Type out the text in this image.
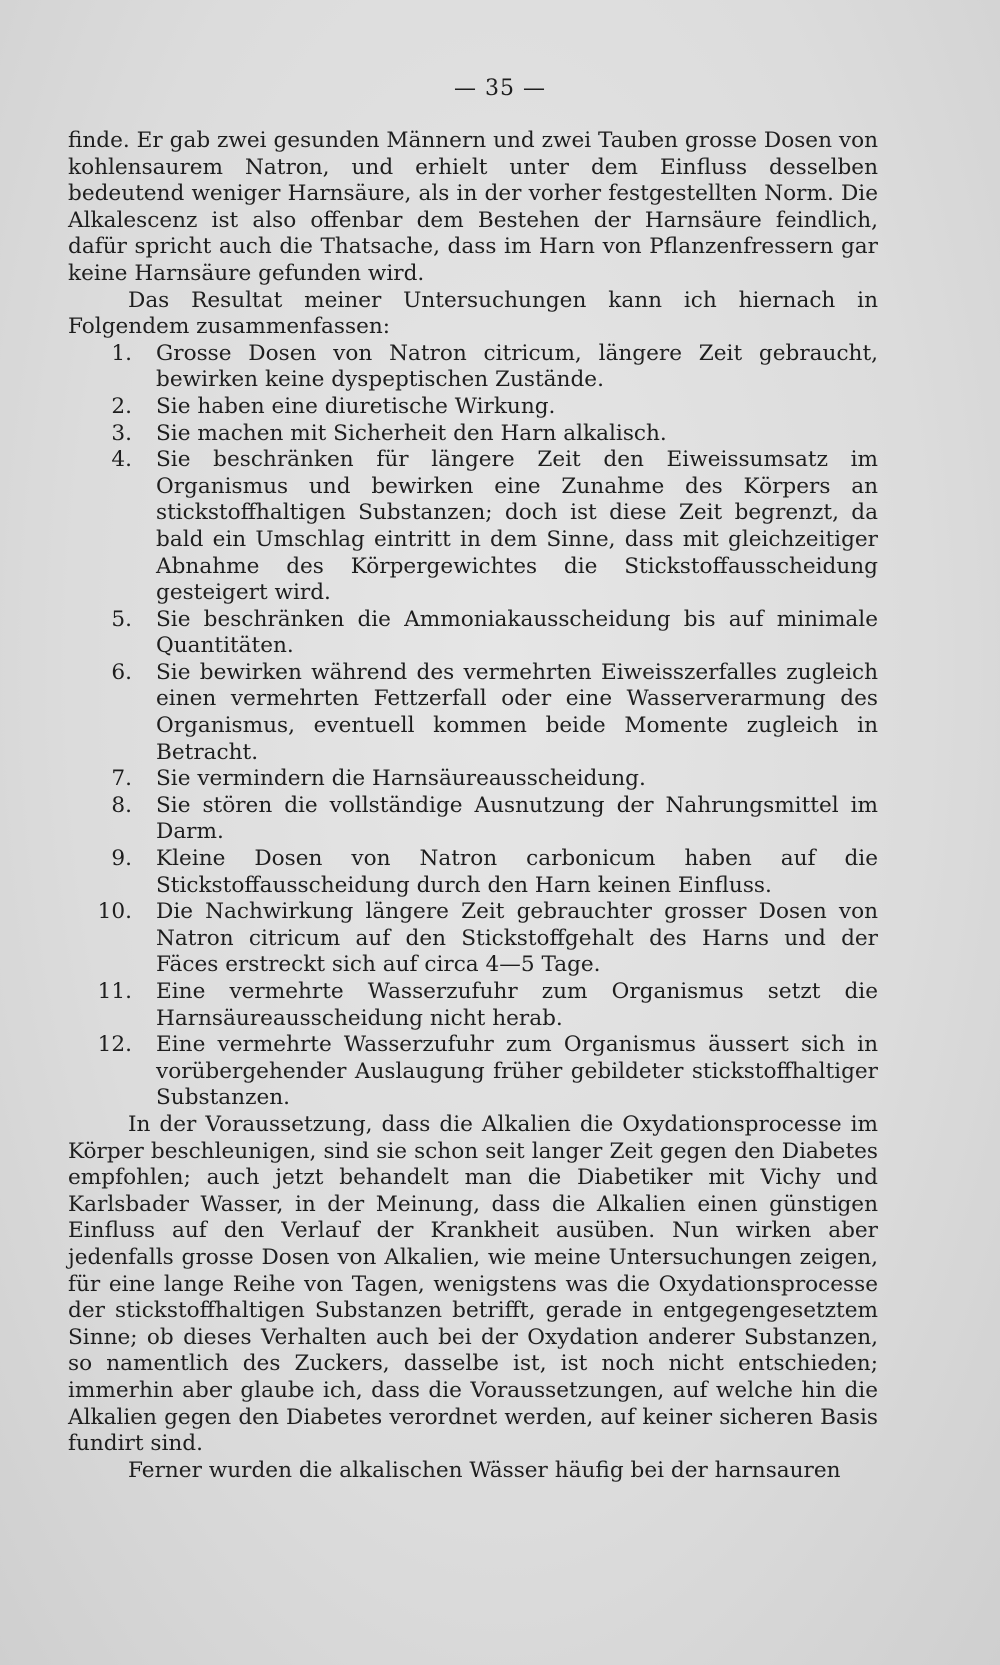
— 35 —

finde. Er gab zwei gesunden Männern und zwei Tauben grosse Dosen von kohlensaurem Natron, und erhielt unter dem Einfluss desselben bedeutend weniger Harnsäure, als in der vorher festgestellten Norm. Die Alkalescenz ist also offenbar dem Bestehen der Harnsäure feindlich, dafür spricht auch die Thatsache, dass im Harn von Pflanzenfressern gar keine Harnsäure gefunden wird.

Das Resultat meiner Untersuchungen kann ich hiernach in Folgendem zusammenfassen:

1. Grosse Dosen von Natron citricum, längere Zeit gebraucht, bewirken keine dyspeptischen Zustände.
2. Sie haben eine diuretische Wirkung.
3. Sie machen mit Sicherheit den Harn alkalisch.
4. Sie beschränken für längere Zeit den Eiweissumsatz im Organismus und bewirken eine Zunahme des Körpers an stickstoffhaltigen Substanzen; doch ist diese Zeit begrenzt, da bald ein Umschlag eintritt in dem Sinne, dass mit gleichzeitiger Abnahme des Körpergewichtes die Stickstoffausscheidung gesteigert wird.
5. Sie beschränken die Ammoniakausscheidung bis auf minimale Quantitäten.
6. Sie bewirken während des vermehrten Eiweisszerfalles zugleich einen vermehrten Fettzerfall oder eine Wasserverarmung des Organismus, eventuell kommen beide Momente zugleich in Betracht.
7. Sie vermindern die Harnsäureausscheidung.
8. Sie stören die vollständige Ausnutzung der Nahrungsmittel im Darm.
9. Kleine Dosen von Natron carbonicum haben auf die Stickstoffausscheidung durch den Harn keinen Einfluss.
10. Die Nachwirkung längere Zeit gebrauchter grosser Dosen von Natron citricum auf den Stickstoffgehalt des Harns und der Fäces erstreckt sich auf circa 4—5 Tage.
11. Eine vermehrte Wasserzufuhr zum Organismus setzt die Harnsäureausscheidung nicht herab.
12. Eine vermehrte Wasserzufuhr zum Organismus äussert sich in vorübergehender Auslaugung früher gebildeter stickstoffhaltiger Substanzen.

In der Voraussetzung, dass die Alkalien die Oxydationsprocesse im Körper beschleunigen, sind sie schon seit langer Zeit gegen den Diabetes empfohlen; auch jetzt behandelt man die Diabetiker mit Vichy und Karlsbader Wasser, in der Meinung, dass die Alkalien einen günstigen Einfluss auf den Verlauf der Krankheit ausüben. Nun wirken aber jedenfalls grosse Dosen von Alkalien, wie meine Untersuchungen zeigen, für eine lange Reihe von Tagen, wenigstens was die Oxydationsprocesse der stickstoffhaltigen Substanzen betrifft, gerade in entgegengesetztem Sinne; ob dieses Verhalten auch bei der Oxydation anderer Substanzen, so namentlich des Zuckers, dasselbe ist, ist noch nicht entschieden; immerhin aber glaube ich, dass die Voraussetzungen, auf welche hin die Alkalien gegen den Diabetes verordnet werden, auf keiner sicheren Basis fundirt sind.

Ferner wurden die alkalischen Wässer häufig bei der harnsauren
